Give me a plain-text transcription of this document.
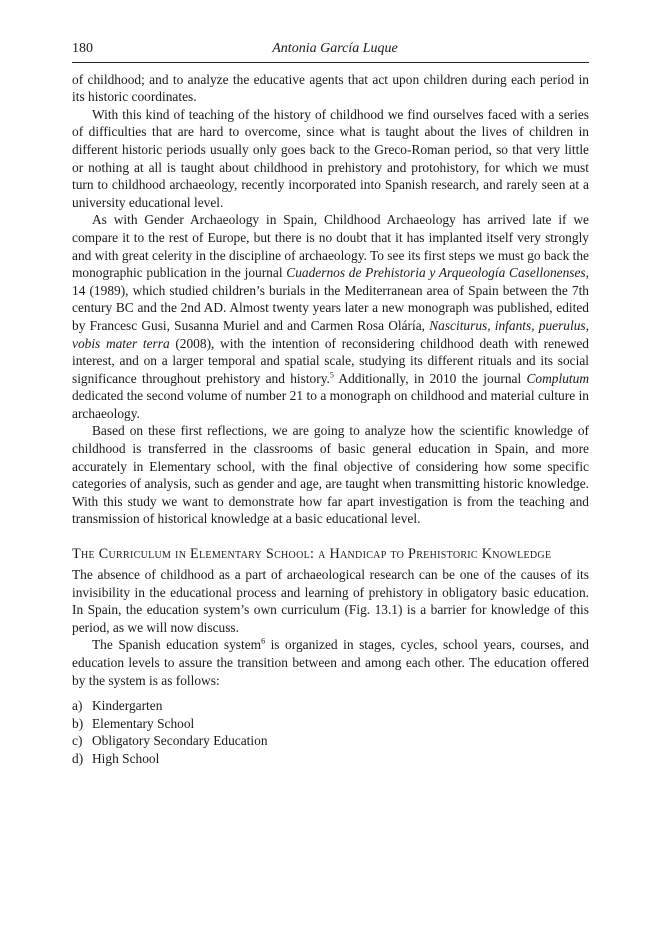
180	Antonia García Luque

of childhood; and to analyze the educative agents that act upon children during each period in its historic coordinates.

With this kind of teaching of the history of childhood we find ourselves faced with a series of difficulties that are hard to overcome, since what is taught about the lives of children in different historic periods usually only goes back to the Greco-Roman period, so that very little or nothing at all is taught about childhood in prehistory and protohistory, for which we must turn to childhood archaeology, recently incorporated into Spanish research, and rarely seen at a university educational level.

As with Gender Archaeology in Spain, Childhood Archaeology has arrived late if we compare it to the rest of Europe, but there is no doubt that it has implanted itself very strongly and with great celerity in the discipline of archaeology. To see its first steps we must go back the monographic publication in the journal Cuadernos de Prehistoria y Arqueología Casellonenses, 14 (1989), which studied children’s burials in the Mediterranean area of Spain between the 7th century BC and the 2nd AD. Almost twenty years later a new monograph was published, edited by Francesc Gusi, Susanna Muriel and and Carmen Rosa Oláría, Nasciturus, infants, puerulus, vobis mater terra (2008), with the intention of reconsidering childhood death with renewed interest, and on a larger temporal and spatial scale, studying its different rituals and its social significance throughout prehistory and history.$^5$ Additionally, in 2010 the journal Complutum dedicated the second volume of number 21 to a monograph on childhood and material culture in archaeology.

Based on these first reflections, we are going to analyze how the scientific knowledge of childhood is transferred in the classrooms of basic general education in Spain, and more accurately in Elementary school, with the final objective of considering how some specific categories of analysis, such as gender and age, are taught when transmitting historic knowledge. With this study we want to demonstrate how far apart investigation is from the teaching and transmission of historical knowledge at a basic educational level.

The Curriculum in Elementary School: a Handicap to Prehistoric Knowledge

The absence of childhood as a part of archaeological research can be one of the causes of its invisibility in the educational process and learning of prehistory in obligatory basic education. In Spain, the education system’s own curriculum (Fig. 13.1) is a barrier for knowledge of this period, as we will now discuss.

The Spanish education system$^6$ is organized in stages, cycles, school years, courses, and education levels to assure the transition between and among each other. The education offered by the system is as follows:

a) Kindergarten
b) Elementary School
c) Obligatory Secondary Education
d) High School
